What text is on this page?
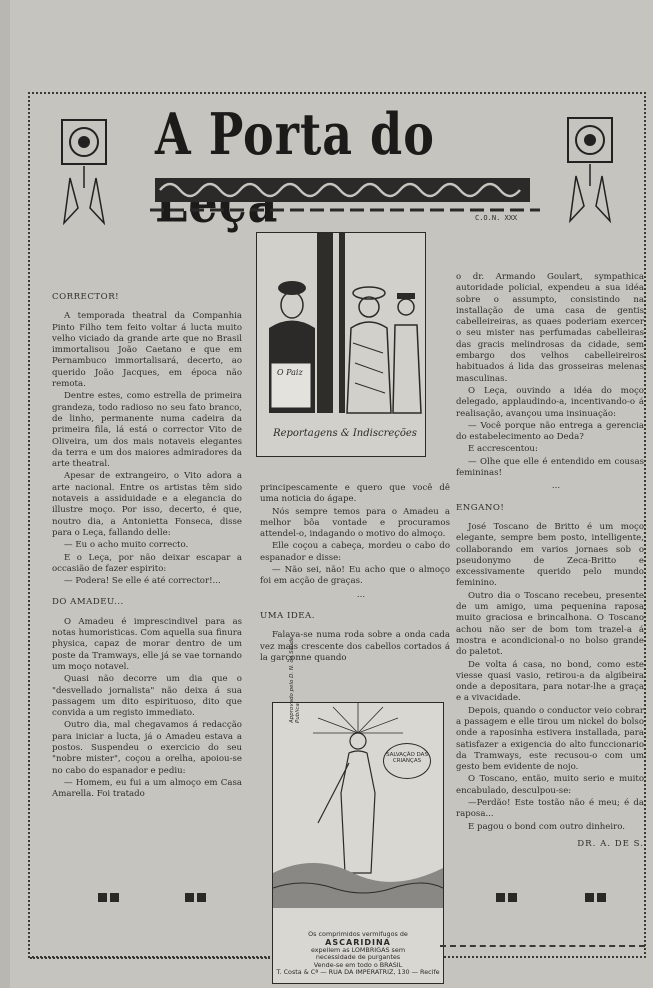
A Porta do
C.O.N. XXX

CORRECTOR!

A temporada theatral da Companhia Pinto Filho tem feito voltar á lucta muito velho viciado da grande arte que no Brasil immortalisou João Caetano e que em Pernambuco immortalisará, decerto, ao querido João Jacques, em época não remota.

Dentre estes, como estrella de primeira grandeza, todo radioso no seu fato branco, de linho, permanente numa cadeira da primeira fila, lá está o corrector Vito de Oliveira, um dos mais notaveis elegantes da terra e um dos maiores admiradores da arte theatral.

Apesar de extrangeiro, o Vito adora a arte nacional. Entre os artistas têm sido notaveis a assiduidade e a elegancia do illustre moço. Por isso, decerto, é que, noutro dia, a Antonietta Fonseca, disse para o Leça, fallando delle:

— Eu o acho muito correcto.

E o Leça, por não deixar escapar a occasião de fazer espirito:

— Podera! Se elle é até corrector!...

DO AMADEU...

O Amadeu é imprescindivel para as notas humoristicas. Com aquella sua finura physica, capaz de morar dentro de um poste da Tramways, elle já se vae tornando um moço notavel.

Quasi não decorre um dia que o "desvellado jornalista" não deixa á sua passagem um dito espirituoso, dito que convida a um registo immediato.

Outro dia, mal chegavamos á redacção para iniciar a lucta, já o Amadeu estava a postos. Suspendeu o exercicio do seu "nobre mister", coçou a orelha, apoiou-se no cabo do espanador e pediu:

— Homem, eu fui a um almoço em Casa Amarella. Foi tratado

O Paiz
Reportagens & Indiscreções

principescamente e quero que você dê uma noticia do ágape.

Nós sempre temos para o Amadeu a melhor bôa vontade e procuramos attendel-o, indagando o motivo do almoço.

Elle coçou a cabeça, mordeu o cabo do espanador e disse:

— Não sei, não! Eu acho que o almoço foi em acção de graças.

...

UMA IDEA.

Falava-se numa roda sobre a onda cada vez mais crescente dos cabellos cortados á la garçonne quando

Approvado pelo D. N. da Saude Publica
SALVAÇÃO DAS CRIANÇAS
Os comprimidos vermifugos de
ASCARIDINA
expellem as LOMBRIGAS sem
necessidade de purgantes
Vende-se em todo o BRASIL
T. Costa & Cª — RUA DA IMPERATRIZ, 130 — Recife

o dr. Armando Goulart, sympathica autoridade policial, expendeu a sua idéa sobre o assumpto, consistindo na installação de uma casa de gentis cabelleireiras, as quaes poderiam exercer o seu mister nas perfumadas cabelleiras das gracis melindrosas da cidade, sem embargo dos velhos cabelleireiros habituados á lida das grosseiras melenas masculinas.

O Leça, ouvindo a idéa do moço delegado, applaudindo-a, incentivando-o á realisação, avançou uma insinuação:

— Você porque não entrega a gerencia do estabelecimento ao Deda?

E accrescentou:

— Olhe que elle é entendido em cousas femininas!

...

ENGANO!

José Toscano de Britto é um moço elegante, sempre bem posto, intelligente, collaborando em varios jornaes sob o pseudonymo de Zeca-Britto e excessivamente querido pelo mundo feminino.

Outro dia o Toscano recebeu, presente de um amigo, uma pequenina raposa muito graciosa e brincalhona. O Toscano achou não ser de bom tom trazel-a á mostra e acondicional-o no bolso grande do paletot.

De volta á casa, no bond, como este viesse quasi vasio, retirou-a da algibeira onde a depositara, para notar-lhe a graça e a vivacidade.

Depois, quando o conductor veio cobrar a passagem e elle tirou um nickel do bolso onde a raposinha estivera installada, para satisfazer a exigencia do alto funccionario da Tramways, este recusou-o com um gesto bem evidente de nojo.

O Toscano, então, muito serio e muito encabulado, desculpou-se:

—Perdão! Este tostão não é meu; é da raposa...

E pagou o bond com outro dinheiro.

DR. A. DE S.
